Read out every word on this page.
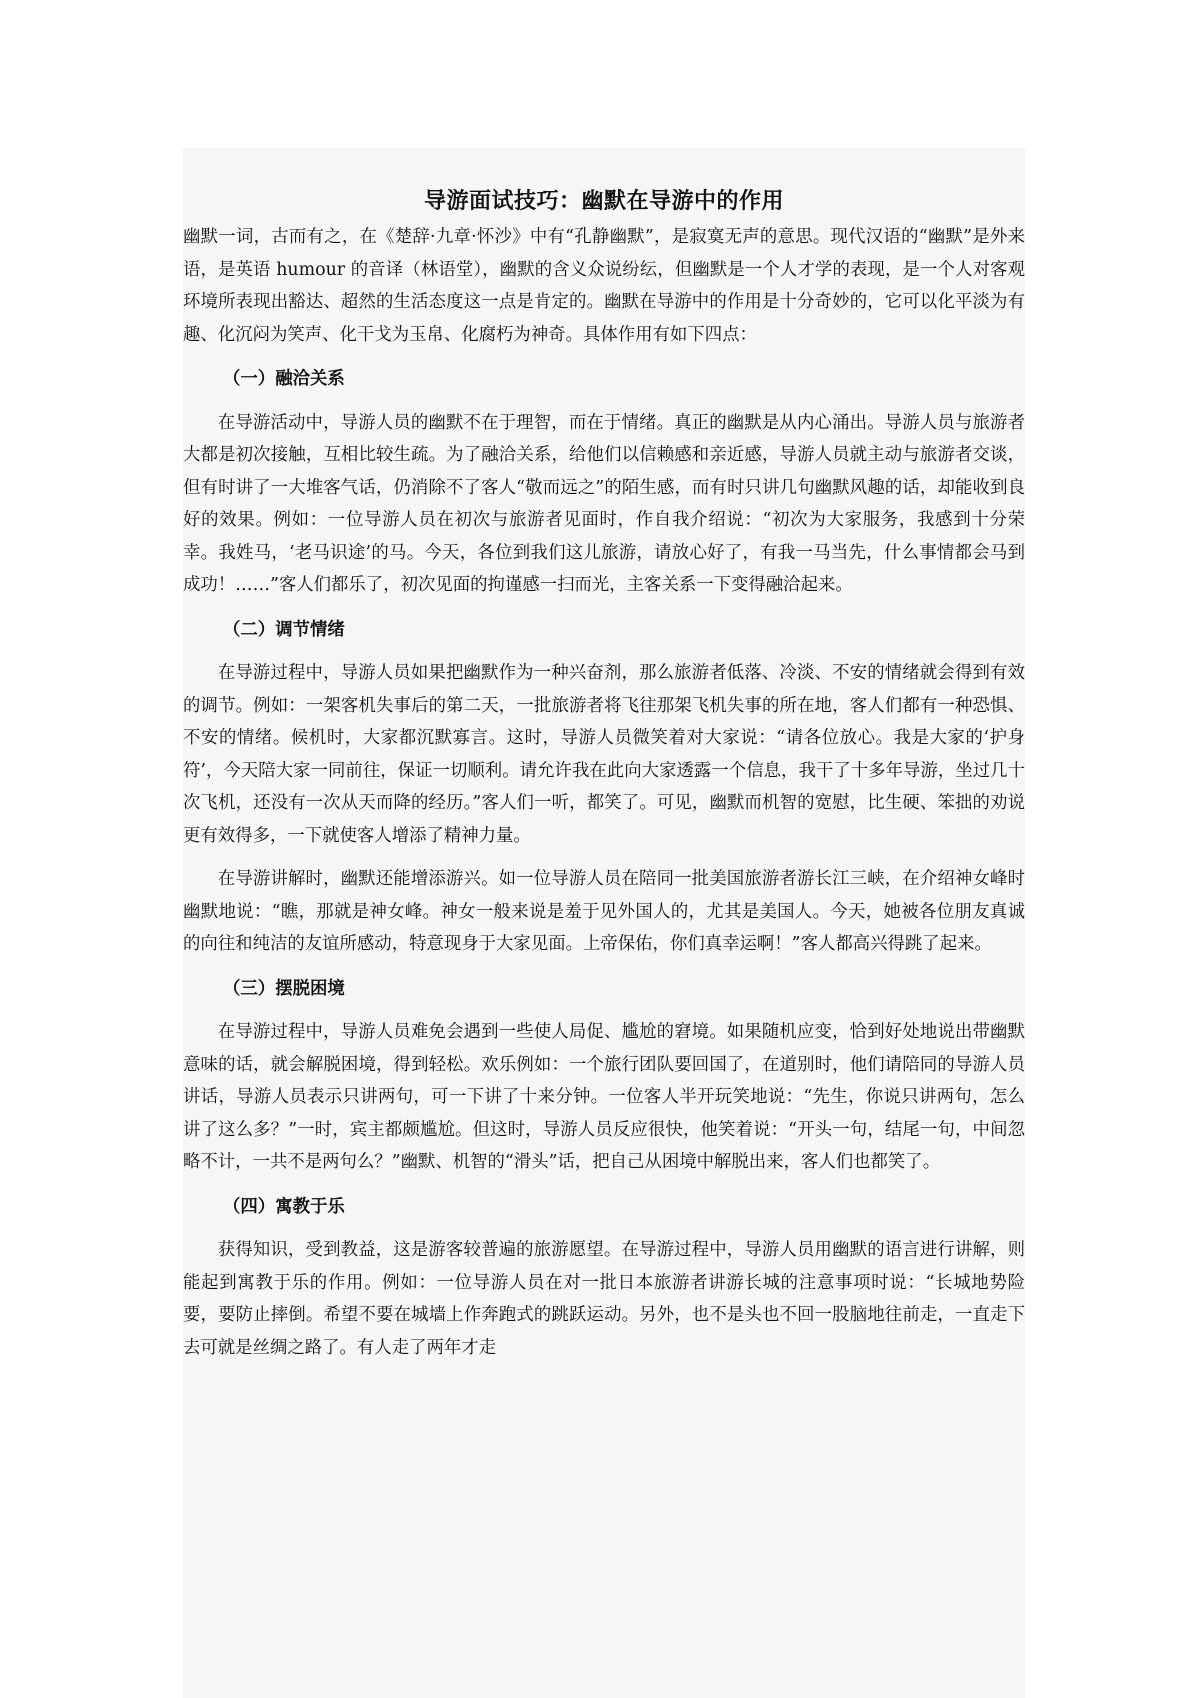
导游面试技巧：幽默在导游中的作用

幽默一词，古而有之，在《楚辞·九章·怀沙》中有“孔静幽默”，是寂寞无声的意思。现代汉语的“幽默”是外来语，是英语 humour 的音译（林语堂），幽默的含义众说纷纭，但幽默是一个人才学的表现，是一个人对客观环境所表现出豁达、超然的生活态度这一点是肯定的。幽默在导游中的作用是十分奇妙的，它可以化平淡为有趣、化沉闷为笑声、化干戈为玉帛、化腐朽为神奇。具体作用有如下四点：

（一）融洽关系

在导游活动中，导游人员的幽默不在于理智，而在于情绪。真正的幽默是从内心涌出。导游人员与旅游者大都是初次接触，互相比较生疏。为了融洽关系，给他们以信赖感和亲近感，导游人员就主动与旅游者交谈，但有时讲了一大堆客气话，仍消除不了客人“敬而远之”的陌生感，而有时只讲几句幽默风趣的话，却能收到良好的效果。例如：一位导游人员在初次与旅游者见面时，作自我介绍说：“初次为大家服务，我感到十分荣幸。我姓马，‘老马识途’的马。今天，各位到我们这儿旅游，请放心好了，有我一马当先，什么事情都会马到成功！……”客人们都乐了，初次见面的拘谨感一扫而光，主客关系一下变得融洽起来。

（二）调节情绪

在导游过程中，导游人员如果把幽默作为一种兴奋剂，那么旅游者低落、冷淡、不安的情绪就会得到有效的调节。例如：一架客机失事后的第二天，一批旅游者将飞往那架飞机失事的所在地，客人们都有一种恐惧、不安的情绪。候机时，大家都沉默寡言。这时，导游人员微笑着对大家说：“请各位放心。我是大家的‘护身符’，今天陪大家一同前往，保证一切顺利。请允许我在此向大家透露一个信息，我干了十多年导游，坐过几十次飞机，还没有一次从天而降的经历。”客人们一听，都笑了。可见，幽默而机智的宽慰，比生硬、笨拙的劝说更有效得多，一下就使客人增添了精神力量。

在导游讲解时，幽默还能增添游兴。如一位导游人员在陪同一批美国旅游者游长江三峡，在介绍神女峰时幽默地说：“瞧，那就是神女峰。神女一般来说是羞于见外国人的，尤其是美国人。今天，她被各位朋友真诚的向往和纯洁的友谊所感动，特意现身于大家见面。上帝保佑，你们真幸运啊！”客人都高兴得跳了起来。

（三）摆脱困境

在导游过程中，导游人员难免会遇到一些使人局促、尴尬的窘境。如果随机应变，恰到好处地说出带幽默意味的话，就会解脱困境，得到轻松。欢乐例如：一个旅行团队要回国了，在道别时，他们请陪同的导游人员讲话，导游人员表示只讲两句，可一下讲了十来分钟。一位客人半开玩笑地说：“先生，你说只讲两句，怎么讲了这么多？”一时，宾主都颇尴尬。但这时，导游人员反应很快，他笑着说：“开头一句，结尾一句，中间忽略不计，一共不是两句么？”幽默、机智的“滑头”话，把自己从困境中解脱出来，客人们也都笑了。

（四）寓教于乐

获得知识，受到教益，这是游客较普遍的旅游愿望。在导游过程中，导游人员用幽默的语言进行讲解，则能起到寓教于乐的作用。例如：一位导游人员在对一批日本旅游者讲游长城的注意事项时说：“长城地势险要，要防止摔倒。希望不要在城墙上作奔跑式的跳跃运动。另外，也不是头也不回一股脑地往前走，一直走下去可就是丝绸之路了。有人走了两年才走
